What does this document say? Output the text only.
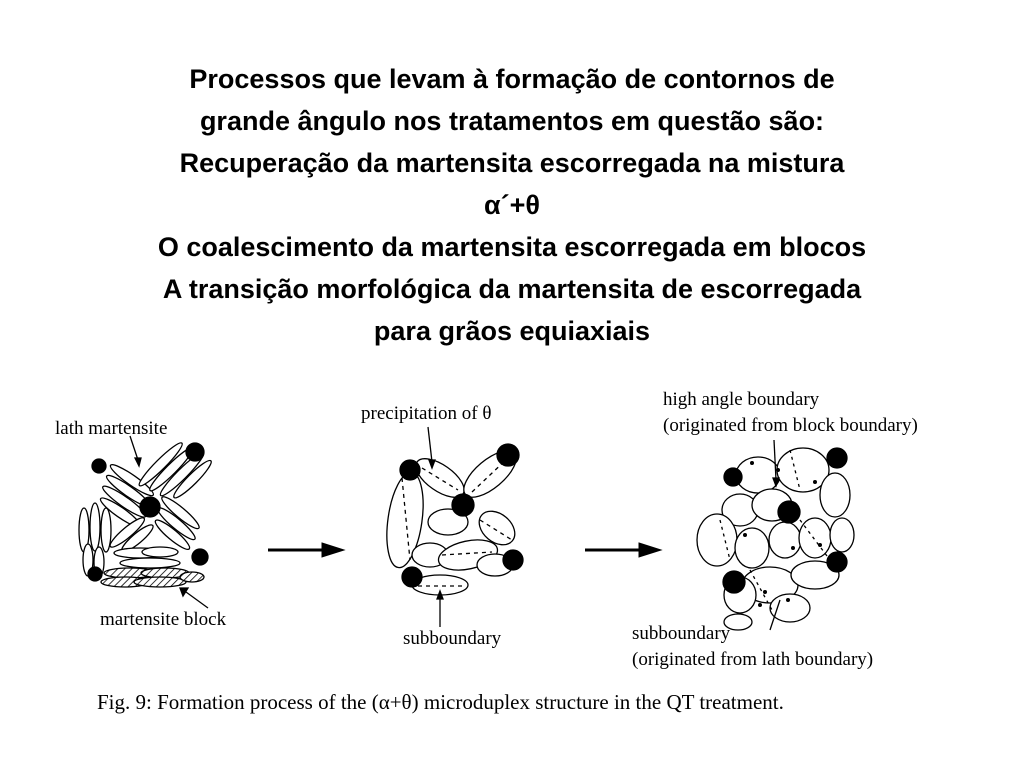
Processos que levam à formação de contornos de
grande ângulo nos tratamentos em questão são:
Recuperação da martensita escorregada na mistura
α´+θ
O coalescimento da martensita escorregada em blocos
A transição morfológica da martensita de escorregada
para grãos equiaxiais
lath martensite
martensite block
precipitation of θ
subboundary
high angle boundary
(originated from block boundary)
subboundary
(originated from lath boundary)
Fig. 9: Formation process of the (α+θ) microduplex structure in the QT treatment.
